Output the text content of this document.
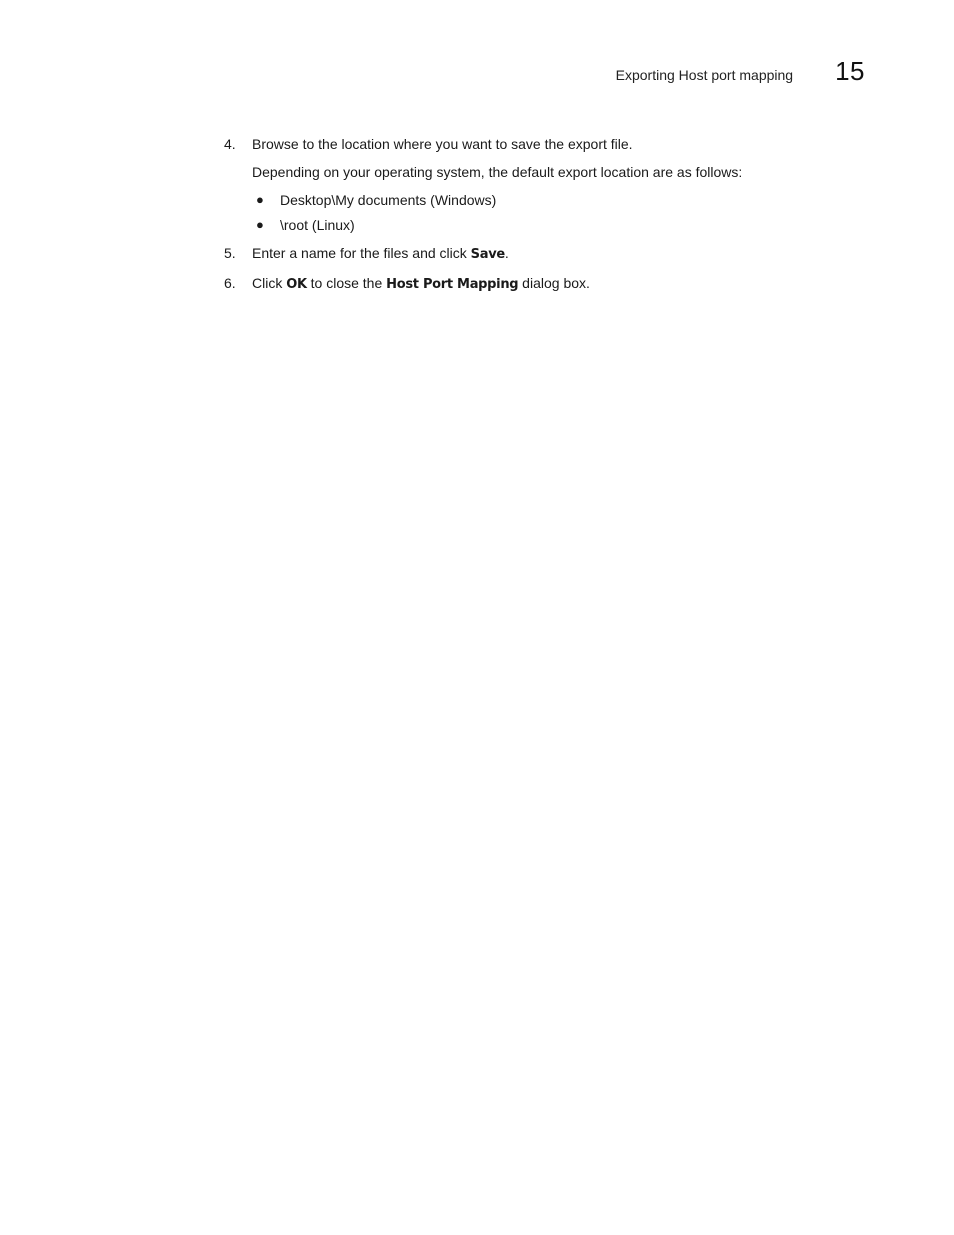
Exporting Host port mapping 15
4. Browse to the location where you want to save the export file.
Depending on your operating system, the default export location are as follows:
● Desktop\My documents (Windows)
● \root (Linux)
5. Enter a name for the files and click Save.
6. Click OK to close the Host Port Mapping dialog box.
